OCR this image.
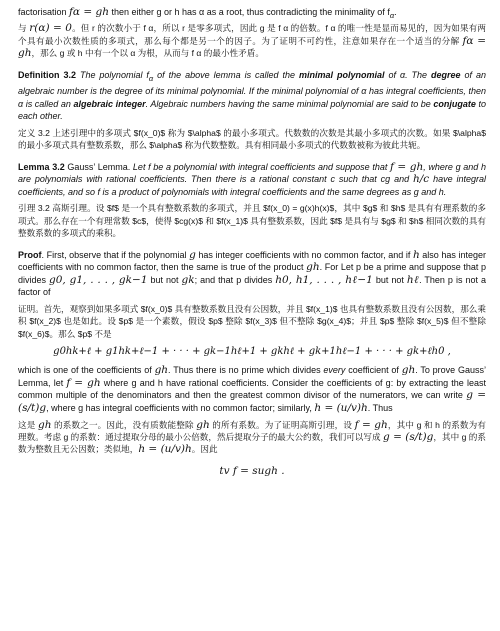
factorisation fα = gh then either g or h has α as a root, thus contradicting the minimality of $f_\alpha$.

与 r(α) = 0。但 r 的次数小于 f α，所以 r 是零多项式，因此 g 是 f α 的倍数。f α 的唯一性是显而易见的，因为如果有两个具有最小次数性质的多项式，那么每个都是另一个的因子。为了证明不可约性，注意如果存在一个适当的分解 fα = gh，那么 g 或 h 中有一个以 α 为根，从而与 f α 的最小性矛盾。

Definition 3.2 The polynomial $f_\alpha$ of the above lemma is called the minimal polynomial of α. The degree of an algebraic number is the degree of its minimal polynomial. If the minimal polynomial of α has integral coefficients, then α is called an algebraic integer. Algebraic numbers having the same minimal polynomial are said to be conjugate to each other.

定义 3.2 上述引理中的多项式 $f(x_0)$ 称为 $\alpha$ 的最小多项式。代数数的次数是其最小多项式的次数。如果 $\alpha$ 的最小多项式具有整数系数，那么 $\alpha$ 称为代数整数。具有相同最小多项式的代数数被称为彼此共轭。

Lemma 3.2 Gauss’ Lemma. Let f be a polynomial with integral coefficients and suppose that f = gh, where g and h are polynomials with rational coefficients. Then there is a rational constant c such that cg and h/c have integral coefficients, and so f is a product of polynomials with integral coefficients and the same degrees as g and h.

引理 3.2 高斯引理。设 $f$ 是一个具有整数系数的多项式，并且 $f(x_0) = g(x)h(x)$，其中 $g$ 和 $h$ 是具有有理系数的多项式。那么存在一个有理常数 $c$，使得 $cg(x)$ 和 $f(x_1)$ 具有整数系数，因此 $f$ 是具有与 $g$ 和 $h$ 相同次数的具有整数系数的多项式的乘积。

Proof. First, observe that if the polynomial g has integer coefficients with no common factor, and if h also has integer coefficients with no common factor, then the same is true of the product gh. For Let p be a prime and suppose that p divides g0, g1, . . . , gk−1 but not gk; and that p divides h0, h1, . . . , hℓ−1 but not hℓ. Then p is not a factor of

证明。首先，观察到如果多项式 $f(x_0)$ 具有整数系数且没有公因数，并且 $f(x_1)$ 也具有整数系数且没有公因数，那么乘积 $f(x_2)$ 也是如此。设 $p$ 是一个素数，假设 $p$ 整除 $f(x_3)$ 但不整除 $g(x_4)$；并且 $p$ 整除 $f(x_5)$ 但不整除 $f(x_6)$。那么 $p$ 不是

g0hk+ℓ + g1hk+ℓ−1 + · · · + gk−1hℓ+1 + gkhℓ + gk+1hℓ−1 + · · · + gk+ℓh0 ,

which is one of the coefficients of gh. Thus there is no prime which divides every coefficient of gh. To prove Gauss’ Lemma, let f = gh where g and h have rational coefficients. Consider the coefficients of g: by extracting the least common multiple of the denominators and then the greatest common divisor of the numerators, we can write g = (s/t)g, where g has integral coefficients with no common factor; similarly, h = (u/v)h. Thus

这是 gh 的系数之一。因此，没有质数能整除 gh 的所有系数。为了证明高斯引理，设 f = gh，其中 g 和 h 的系数为有理数。考虑 g 的系数：通过提取分母的最小公倍数，然后提取分子的最大公约数，我们可以写成 g = (s/t)g，其中 g 的系数为整数且无公因数；类似地，h = (u/v)h。因此

tv f = sugh .
